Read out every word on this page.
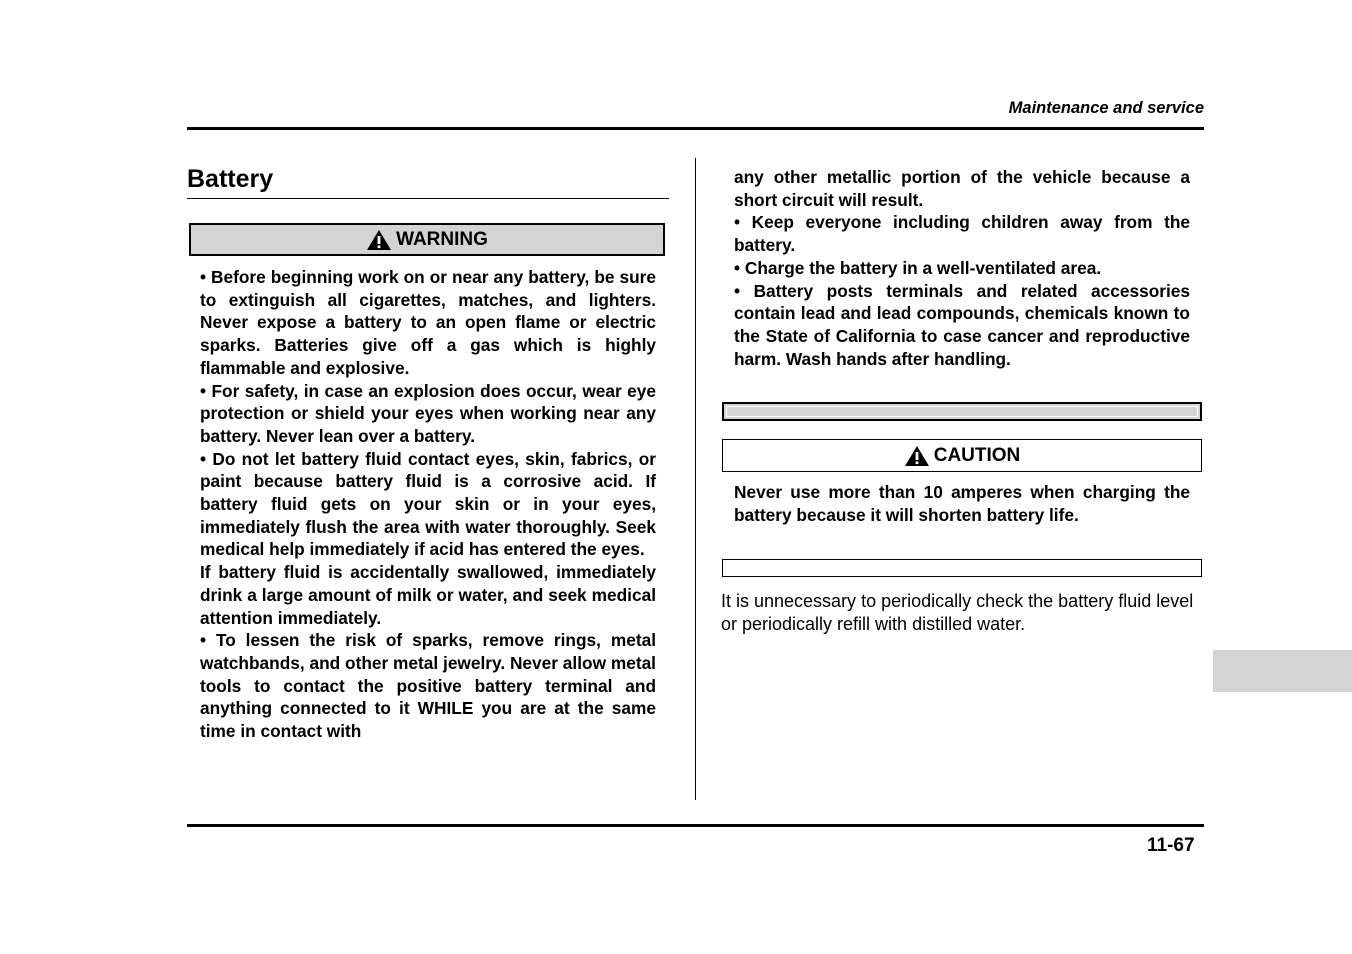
Maintenance and service
Battery
WARNING

• Before beginning work on or near any battery, be sure to extinguish all cigarettes, matches, and lighters. Never expose a battery to an open flame or electric sparks. Batteries give off a gas which is highly flammable and explosive.

• For safety, in case an explosion does occur, wear eye protection or shield your eyes when working near any battery. Never lean over a battery.

• Do not let battery fluid contact eyes, skin, fabrics, or paint because battery fluid is a corrosive acid. If battery fluid gets on your skin or in your eyes, immediately flush the area with water thoroughly. Seek medical help immediately if acid has entered the eyes.

If battery fluid is accidentally swallowed, immediately drink a large amount of milk or water, and seek medical attention immediately.

• To lessen the risk of sparks, remove rings, metal watchbands, and other metal jewelry. Never allow metal tools to contact the positive battery terminal and anything connected to it WHILE you are at the same time in contact with

any other metallic portion of the vehicle because a short circuit will result.

• Keep everyone including children away from the battery.

• Charge the battery in a well-ventilated area.

• Battery posts terminals and related accessories contain lead and lead compounds, chemicals known to the State of California to case cancer and reproductive harm. Wash hands after handling.

CAUTION
Never use more than 10 amperes when charging the battery because it will shorten battery life.
It is unnecessary to periodically check the battery fluid level or periodically refill with distilled water.
11-67
